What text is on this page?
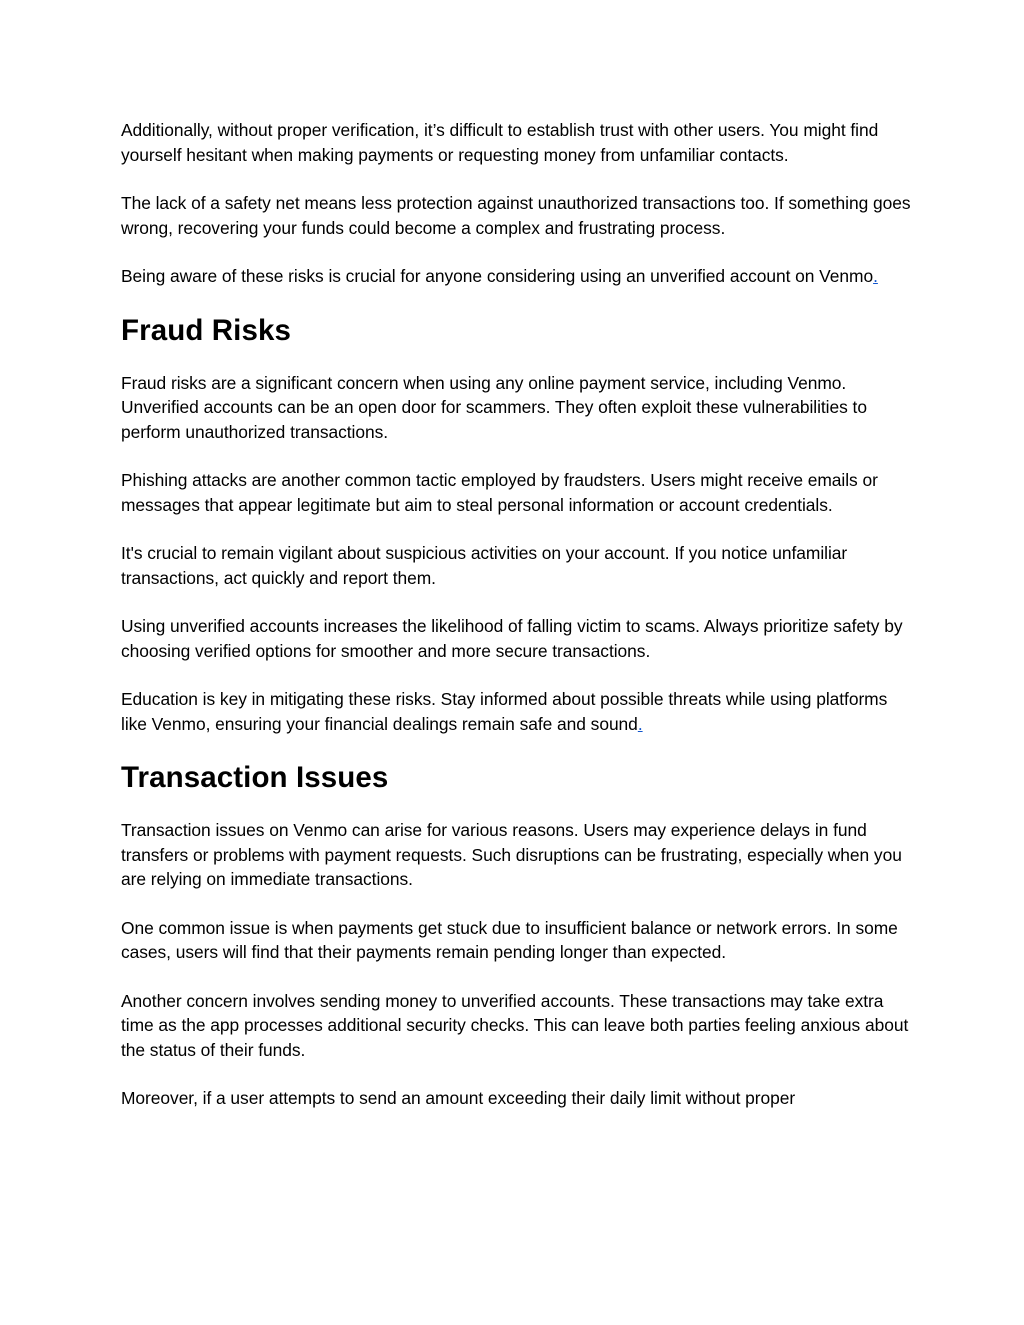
Additionally, without proper verification, it’s difficult to establish trust with other users. You might find yourself hesitant when making payments or requesting money from unfamiliar contacts.

The lack of a safety net means less protection against unauthorized transactions too. If something goes wrong, recovering your funds could become a complex and frustrating process.

Being aware of these risks is crucial for anyone considering using an unverified account on Venmo.

Fraud Risks

Fraud risks are a significant concern when using any online payment service, including Venmo. Unverified accounts can be an open door for scammers. They often exploit these vulnerabilities to perform unauthorized transactions.

Phishing attacks are another common tactic employed by fraudsters. Users might receive emails or messages that appear legitimate but aim to steal personal information or account credentials.

It's crucial to remain vigilant about suspicious activities on your account. If you notice unfamiliar transactions, act quickly and report them.

Using unverified accounts increases the likelihood of falling victim to scams. Always prioritize safety by choosing verified options for smoother and more secure transactions.

Education is key in mitigating these risks. Stay informed about possible threats while using platforms like Venmo, ensuring your financial dealings remain safe and sound.

Transaction Issues

Transaction issues on Venmo can arise for various reasons. Users may experience delays in fund transfers or problems with payment requests. Such disruptions can be frustrating, especially when you are relying on immediate transactions.

One common issue is when payments get stuck due to insufficient balance or network errors. In some cases, users will find that their payments remain pending longer than expected.

Another concern involves sending money to unverified accounts. These transactions may take extra time as the app processes additional security checks. This can leave both parties feeling anxious about the status of their funds.

Moreover, if a user attempts to send an amount exceeding their daily limit without proper
